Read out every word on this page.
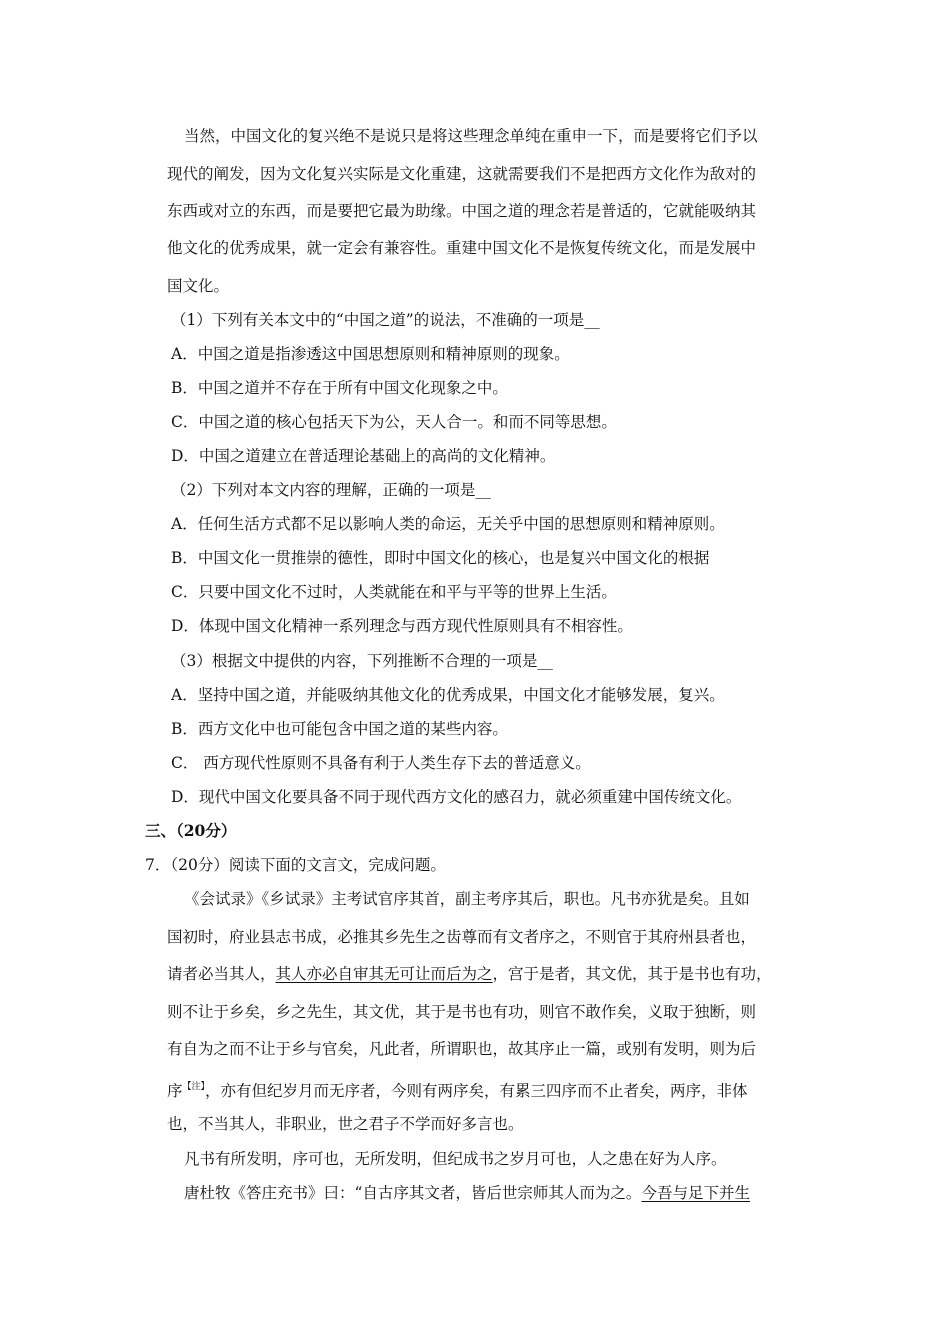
当然，中国文化的复兴绝不是说只是将这些理念单纯在重申一下，而是要将它们予以
现代的阐发，因为文化复兴实际是文化重建，这就需要我们不是把西方文化作为敌对的
东西或对立的东西，而是要把它最为助缘。中国之道的理念若是普适的，它就能吸纳其
他文化的优秀成果，就一定会有兼容性。重建中国文化不是恢复传统文化，而是发展中
国文化。
（1）下列有关本文中的“中国之道”的说法，不准确的一项是__
A．中国之道是指渗透这中国思想原则和精神原则的现象。
B．中国之道并不存在于所有中国文化现象之中。
C．中国之道的核心包括天下为公，天人合一。和而不同等思想。
D．中国之道建立在普适理论基础上的高尚的文化精神。
（2）下列对本文内容的理解，正确的一项是__
A．任何生活方式都不足以影响人类的命运，无关乎中国的思想原则和精神原则。
B．中国文化一贯推崇的德性，即时中国文化的核心，也是复兴中国文化的根据
C．只要中国文化不过时，人类就能在和平与平等的世界上生活。
D．体现中国文化精神一系列理念与西方现代性原则具有不相容性。
（3）根据文中提供的内容，下列推断不合理的一项是__
A．坚持中国之道，并能吸纳其他文化的优秀成果，中国文化才能够发展，复兴。
B．西方文化中也可能包含中国之道的某些内容。
C． 西方现代性原则不具备有利于人类生存下去的普适意义。
D．现代中国文化要具备不同于现代西方文化的感召力，就必须重建中国传统文化。
三、（20分）
7．（20分）阅读下面的文言文，完成问题。
《会试录》《乡试录》主考试官序其首，副主考序其后，职也。凡书亦犹是矣。且如
国初时，府业县志书成，必推其乡先生之齿尊而有文者序之，不则官于其府州县者也，
请者必当其人，其人亦必自审其无可让而后为之，宫于是者，其文优，其于是书也有功，
则不让于乡矣，乡之先生，其文优，其于是书也有功，则官不敢作矣，义取于独断，则
有自为之而不让于乡与官矣，凡此者，所谓职也，故其序止一篇，或别有发明，则为后
序$^{【注】}$，亦有但纪岁月而无序者，今则有两序矣，有累三四序而不止者矣，两序，非体
也，不当其人，非职业，世之君子不学而好多言也。
凡书有所发明，序可也，无所发明，但纪成书之岁月可也，人之患在好为人序。
唐杜牧《答庄充书》曰：“自古序其文者，皆后世宗师其人而为之。今吾与足下并生
